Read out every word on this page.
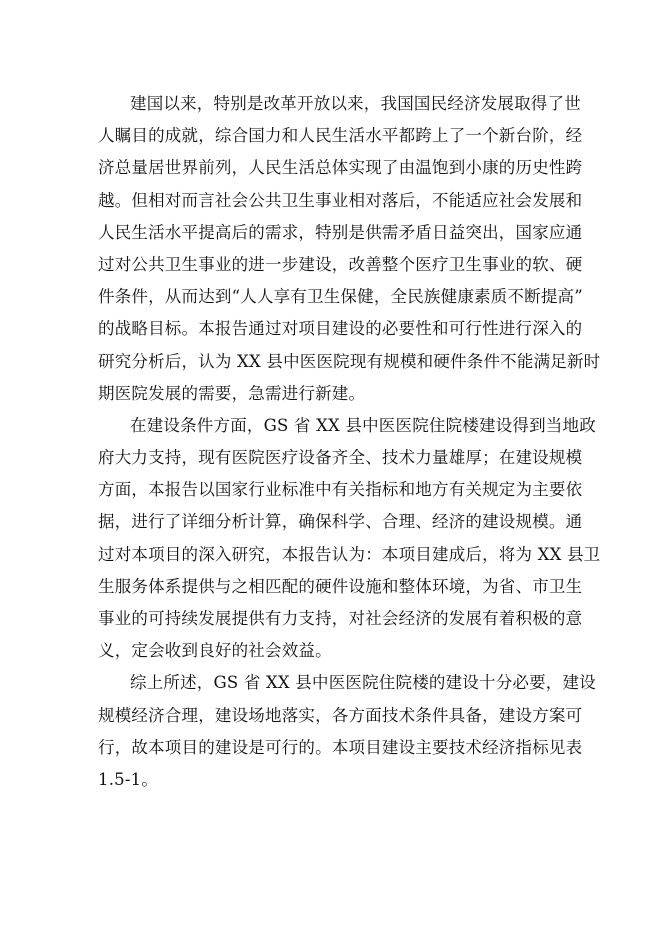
建国以来，特别是改革开放以来，我国国民经济发展取得了世
人瞩目的成就，综合国力和人民生活水平都跨上了一个新台阶，经
济总量居世界前列，人民生活总体实现了由温饱到小康的历史性跨
越。但相对而言社会公共卫生事业相对落后，不能适应社会发展和
人民生活水平提高后的需求，特别是供需矛盾日益突出，国家应通
过对公共卫生事业的进一步建设，改善整个医疗卫生事业的软、硬
件条件，从而达到“人人享有卫生保健，全民族健康素质不断提高”
的战略目标。本报告通过对项目建设的必要性和可行性进行深入的
研究分析后，认为 XX 县中医医院现有规模和硬件条件不能满足新时
期医院发展的需要，急需进行新建。
在建设条件方面，GS 省 XX 县中医医院住院楼建设得到当地政
府大力支持，现有医院医疗设备齐全、技术力量雄厚；在建设规模
方面，本报告以国家行业标准中有关指标和地方有关规定为主要依
据，进行了详细分析计算，确保科学、合理、经济的建设规模。通
过对本项目的深入研究，本报告认为：本项目建成后，将为 XX 县卫
生服务体系提供与之相匹配的硬件设施和整体环境，为省、市卫生
事业的可持续发展提供有力支持，对社会经济的发展有着积极的意
义，定会收到良好的社会效益。
综上所述，GS 省 XX 县中医医院住院楼的建设十分必要，建设
规模经济合理，建设场地落实，各方面技术条件具备，建设方案可
行，故本项目的建设是可行的。本项目建设主要技术经济指标见表
1.5-1。
